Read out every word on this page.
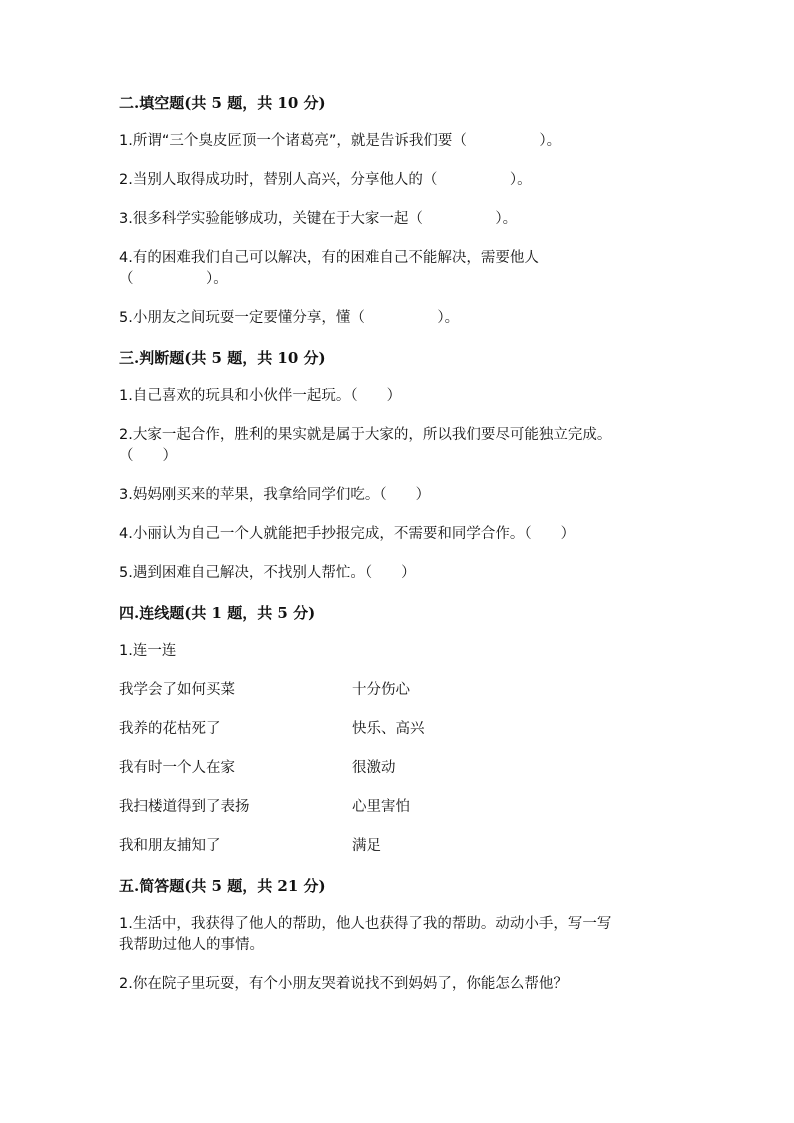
二.填空题(共 5 题，共 10 分)

1.所谓“三个臭皮匠顶一个诸葛亮”，就是告诉我们要（　　　　　）。

2.当别人取得成功时，替别人高兴，分享他人的（　　　　　）。

3.很多科学实验能够成功，关键在于大家一起（　　　　　）。

4.有的困难我们自己可以解决，有的困难自己不能解决，需要他人
（　　　　　）。

5.小朋友之间玩耍一定要懂分享，懂（　　　　　）。

三.判断题(共 5 题，共 10 分)

1.自己喜欢的玩具和小伙伴一起玩。（　　）

2.大家一起合作，胜利的果实就是属于大家的，所以我们要尽可能独立完成。
（　　）

3.妈妈刚买来的苹果，我拿给同学们吃。（　　）

4.小丽认为自己一个人就能把手抄报完成，不需要和同学合作。（　　）

5.遇到困难自己解决，不找别人帮忙。（　　）

四.连线题(共 1 题，共 5 分)

1.连一连

我学会了如何买菜	十分伤心
我养的花枯死了	快乐、高兴
我有时一个人在家	很激动
我扫楼道得到了表扬	心里害怕
我和朋友捕知了	满足

五.简答题(共 5 题，共 21 分)

1.生活中，我获得了他人的帮助，他人也获得了我的帮助。动动小手，写一写
我帮助过他人的事情。

2.你在院子里玩耍，有个小朋友哭着说找不到妈妈了，你能怎么帮他？
